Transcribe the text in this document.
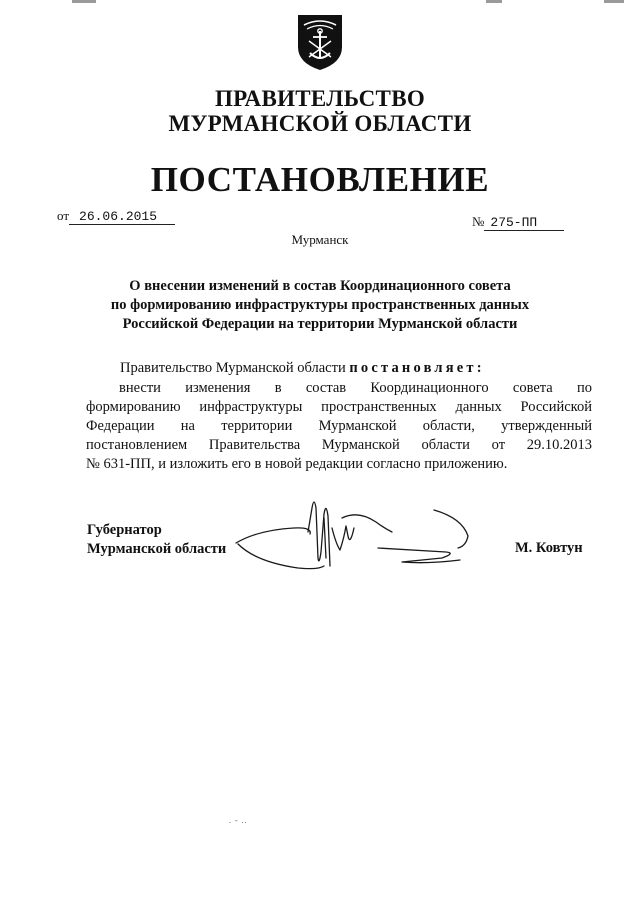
ПРАВИТЕЛЬСТВО
МУРМАНСКОЙ ОБЛАСТИ
ПОСТАНОВЛЕНИЕ
от 26.06.2015	№ 275-ПП
Мурманск
О внесении изменений в состав Координационного совета
по формированию инфраструктуры пространственных данных
Российской Федерации на территории Мурманской области
Правительство Мурманской области постановляет:
внести изменения в состав Координационного совета по
формированию инфраструктуры пространственных данных Российской
Федерации на территории Мурманской области, утвержденный
постановлением Правительства Мурманской области от 29.10.2013
№ 631-ПП, и изложить его в новой редакции согласно приложению.
Губернатор
Мурманской области	М. Ковтун
. - ..
